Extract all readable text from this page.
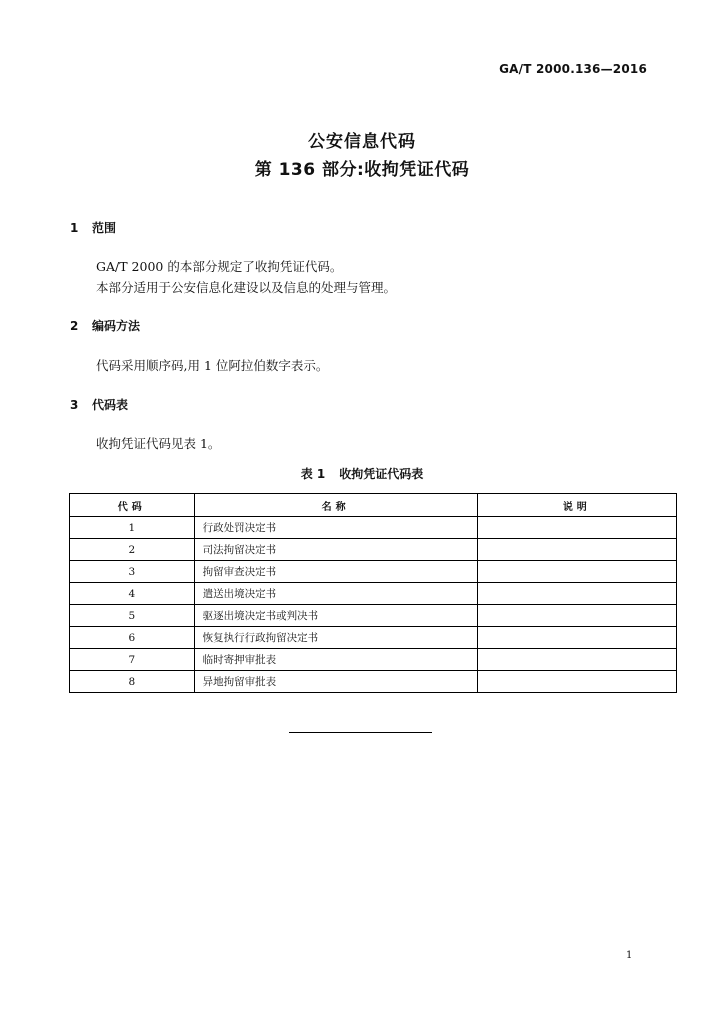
GA/T 2000.136—2016
公安信息代码
第 136 部分:收拘凭证代码
1 范围
GA/T 2000 的本部分规定了收拘凭证代码。
本部分适用于公安信息化建设以及信息的处理与管理。
2 编码方法
代码采用顺序码,用 1 位阿拉伯数字表示。
3 代码表
收拘凭证代码见表 1。
表 1 收拘凭证代码表
代码	名称	说明
1	行政处罚决定书	
2	司法拘留决定书	
3	拘留审查决定书	
4	遣送出境决定书	
5	驱逐出境决定书或判决书	
6	恢复执行行政拘留决定书	
7	临时寄押审批表	
8	异地拘留审批表	
1
